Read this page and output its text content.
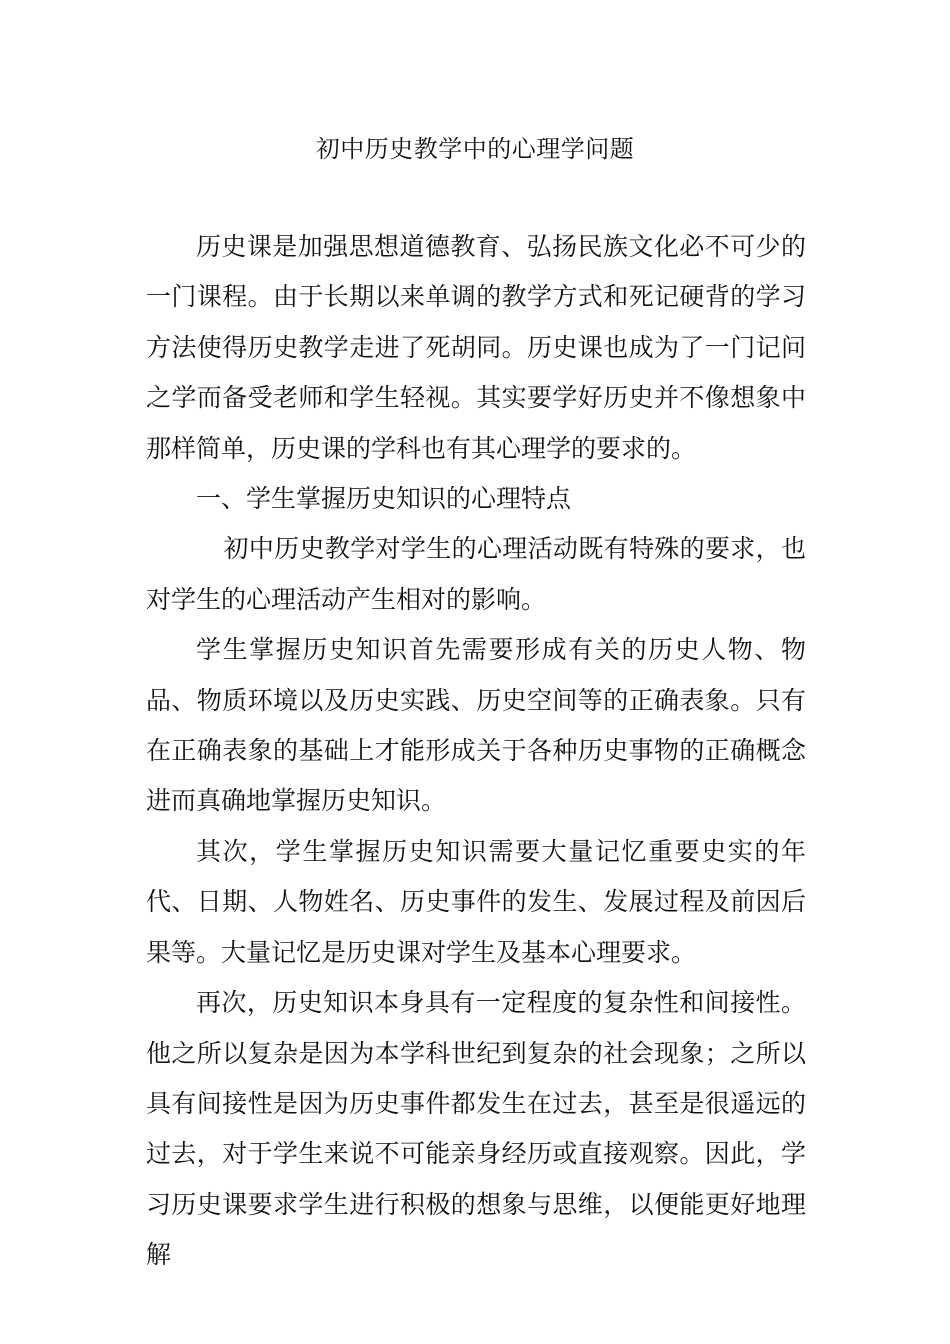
初中历史教学中的心理学问题

历史课是加强思想道德教育、弘扬民族文化必不可少的一门课程。由于长期以来单调的教学方式和死记硬背的学习方法使得历史教学走进了死胡同。历史课也成为了一门记问之学而备受老师和学生轻视。其实要学好历史并不像想象中那样简单，历史课的学科也有其心理学的要求的。

一、学生掌握历史知识的心理特点

初中历史教学对学生的心理活动既有特殊的要求，也对学生的心理活动产生相对的影响。

学生掌握历史知识首先需要形成有关的历史人物、物品、物质环境以及历史实践、历史空间等的正确表象。只有在正确表象的基础上才能形成关于各种历史事物的正确概念进而真确地掌握历史知识。

其次，学生掌握历史知识需要大量记忆重要史实的年代、日期、人物姓名、历史事件的发生、发展过程及前因后果等。大量记忆是历史课对学生及基本心理要求。

再次，历史知识本身具有一定程度的复杂性和间接性。他之所以复杂是因为本学科世纪到复杂的社会现象；之所以具有间接性是因为历史事件都发生在过去，甚至是很遥远的过去，对于学生来说不可能亲身经历或直接观察。因此，学习历史课要求学生进行积极的想象与思维，以便能更好地理解
